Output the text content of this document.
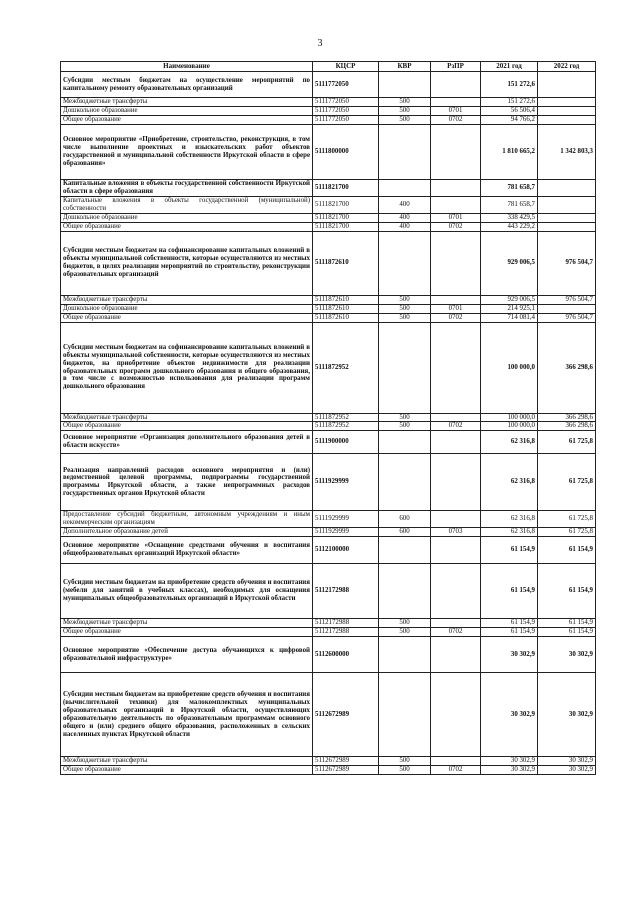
3
Наименование	КЦСР	КВР	РзПР	2021 год	2022 год
Субсидии местным бюджетам на осуществление мероприятий по капитальному ремонту образовательных организаций	5111772050			151 272,6	
Межбюджетные трансферты	5111772050	500		151 272,6	
Дошкольное образование	5111772050	500	0701	56 506,4	
Общее образование	5111772050	500	0702	94 766,2	
Основное мероприятие «Приобретение, строительство, реконструкция, в том числе выполнение проектных и изыскательских работ объектов государственной и муниципальной собственности Иркутской области в сфере образования»	5111800000			1 810 665,2	1 342 803,3
Капитальные вложения в объекты государственной собственности Иркутской области в сфере образования	5111821700			781 658,7	
Капитальные вложения в объекты государственной (муниципальной) собственности	5111821700	400		781 658,7	
Дошкольное образование	5111821700	400	0701	338 429,5	
Общее образование	5111821700	400	0702	443 229,2	
Субсидии местным бюджетам на софинансирование капитальных вложений в объекты муниципальной собственности, которые осуществляются из местных бюджетов, в целях реализации мероприятий по строительству, реконструкции образовательных организаций	5111872610			929 006,5	976 504,7
Межбюджетные трансферты	5111872610	500		929 006,5	976 504,7
Дошкольное образование	5111872610	500	0701	214 925,1	
Общее образование	5111872610	500	0702	714 081,4	976 504,7
Субсидии местным бюджетам на софинансирование капитальных вложений в объекты муниципальной собственности, которые осуществляются из местных бюджетов, на приобретение объектов недвижимости для реализации образовательных программ дошкольного образования и общего образования, в том числе с возможностью использования для реализации программ дошкольного образования	5111872952			100 000,0	366 298,6
Межбюджетные трансферты	5111872952	500		100 000,0	366 298,6
Общее образование	5111872952	500	0702	100 000,0	366 298,6
Основное мероприятие «Организация дополнительного образования детей в области искусств»	5111900000			62 316,8	61 725,8
Реализация направлений расходов основного мероприятия и (или) ведомственной целевой программы, подпрограммы государственной программы Иркутской области, а также непрограммных расходов государственных органов Иркутской области	5111929999			62 316,8	61 725,8
Предоставление субсидий бюджетным, автономным учреждениям и иным некоммерческим организациям	5111929999	600		62 316,8	61 725,8
Дополнительное образование детей	5111929999	600	0703	62 316,8	61 725,8
Основное мероприятие «Оснащение средствами обучения и воспитания общеобразовательных организаций Иркутской области»	5112100000			61 154,9	61 154,9
Субсидии местным бюджетам на приобретение средств обучения и воспитания (мебели для занятий в учебных классах), необходимых для оснащения муниципальных общеобразовательных организаций в Иркутской области	5112172988			61 154,9	61 154,9
Межбюджетные трансферты	5112172988	500		61 154,9	61 154,9
Общее образование	5112172988	500	0702	61 154,9	61 154,9
Основное мероприятие «Обеспечение доступа обучающихся к цифровой образовательной инфраструктуре»	5112600000			30 302,9	30 302,9
Субсидии местным бюджетам на приобретение средств обучения и воспитания (вычислительной техники) для малокомплектных муниципальных образовательных организаций в Иркутской области, осуществляющих образовательную деятельность по образовательным программам основного общего и (или) среднего общего образования, расположенных в сельских населенных пунктах Иркутской области	5112672989			30 302,9	30 302,9
Межбюджетные трансферты	5112672989	500		30 302,9	30 302,9
Общее образование	5112672989	500	0702	30 302,9	30 302,9
